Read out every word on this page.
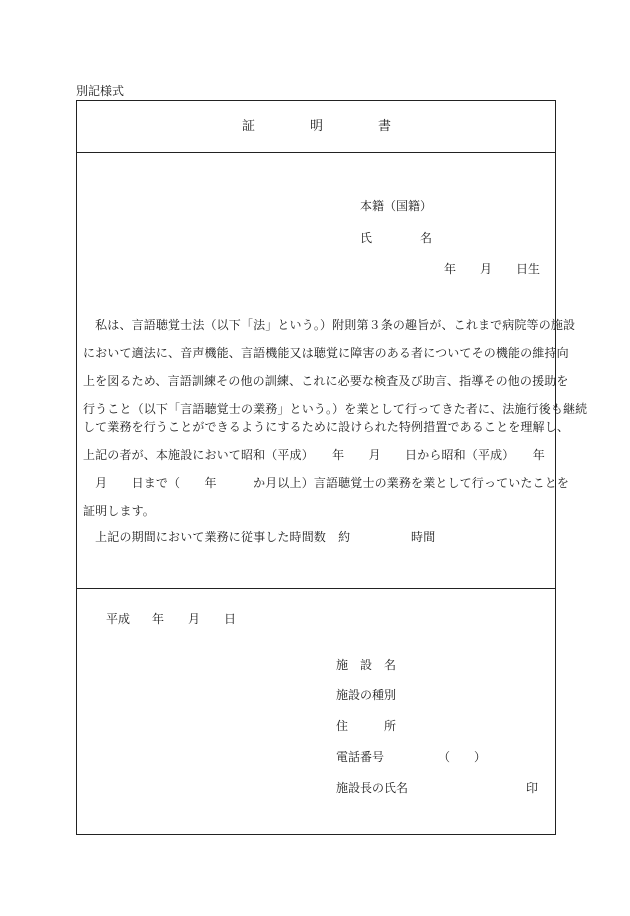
別記様式
証	明	書
本籍（国籍）
氏	名
年 月 日生
　私は、言語聴覚士法（以下「法」という。）附則第３条の趣旨が、これまで病院等の施設
において適法に、音声機能、言語機能又は聴覚に障害のある者についてその機能の維持向
上を図るため、言語訓練その他の訓練、これに必要な検査及び助言、指導その他の援助を
行うこと（以下「言語聴覚士の業務」という。）を業として行ってきた者に、法施行後も継続
して業務を行うことができるようにするために設けられた特例措置であることを理解し、
上記の者が、本施設において昭和（平成）　　年　　月　　日から昭和（平成）　　年
　月　　日まで（　　年　　　か月以上）言語聴覚士の業務を業として行っていたことを
証明します。
　上記の期間において業務に従事した時間数　約　　　　　時間
平成 年 月 日
施　設　名
施設の種別
住	所
電話番号	（　　）
施設長の氏名	印
